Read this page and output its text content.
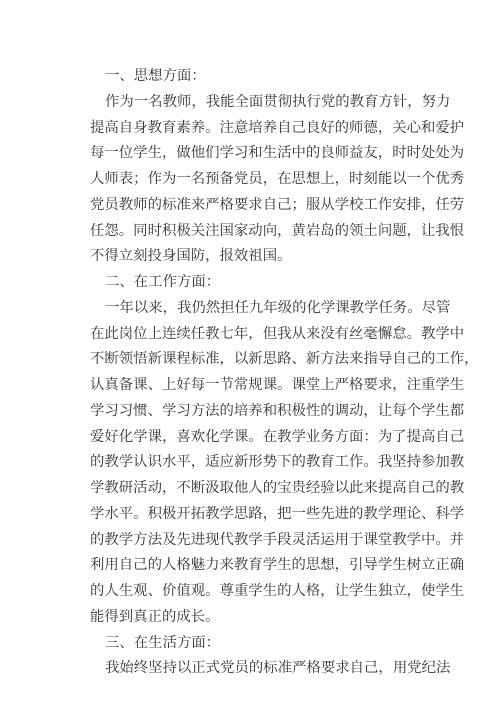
一、思想方面：
作为一名教师，我能全面贯彻执行党的教育方针，努力
提高自身教育素养。注意培养自己良好的师德，关心和爱护
每一位学生，做他们学习和生活中的良师益友，时时处处为
人师表；作为一名预备党员，在思想上，时刻能以一个优秀
党员教师的标准来严格要求自己；服从学校工作安排，任劳
任怨。同时积极关注国家动向，黄岩岛的领土问题，让我恨
不得立刻投身国防，报效祖国。
二、在工作方面：
一年以来，我仍然担任九年级的化学课教学任务。尽管
在此岗位上连续任教七年，但我从来没有丝毫懈怠。教学中
不断领悟新课程标准，以新思路、新方法来指导自己的工作，
认真备课、上好每一节常规课。课堂上严格要求，注重学生
学习习惯、学习方法的培养和积极性的调动，让每个学生都
爱好化学课，喜欢化学课。在教学业务方面：为了提高自己
的教学认识水平，适应新形势下的教育工作。我坚持参加教
学教研活动，不断汲取他人的宝贵经验以此来提高自己的教
学水平。积极开拓教学思路，把一些先进的教学理论、科学
的教学方法及先进现代教学手段灵活运用于课堂教学中。并
利用自己的人格魅力来教育学生的思想，引导学生树立正确
的人生观、价值观。尊重学生的人格，让学生独立，使学生
能得到真正的成长。
三、在生活方面：
我始终坚持以正式党员的标准严格要求自己，用党纪法
